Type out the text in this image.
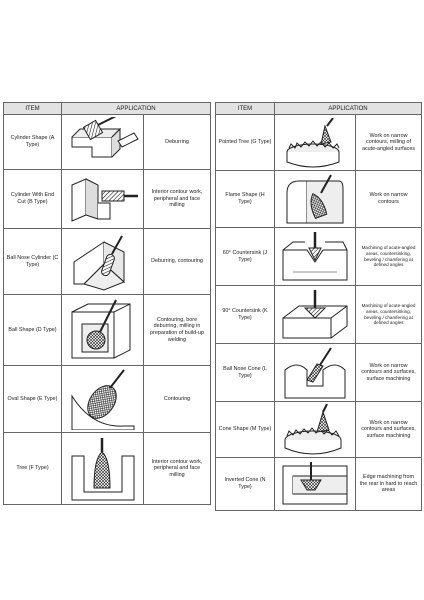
ITEM	APPLICATION	
Cylinder Shape (A Type)		Deburring
Cylinder With End Cut (B Type)		Interior contour work, peripheral and face milling
Ball Nose Cylinder (C Type)		Deburring, contouring
Ball Shape (D Type)		Contouring, bore deburring, milling in preparation of build-up welding
Oval Shape (E Type)		Contouring
Tree (F Type)		Interior contour work, peripheral and face milling
ITEM	APPLICATION	
Pointed Tree (G Type)		Work on narrow contours, milling of acute-angled surfaces
Flame Shape (H Type)		Work on narrow contours
60° Countersink (J Type)		Machining of acute-angled areas, countersinking, beveling / chamfering at defined angles
90° Countersink (K Type)		Machining of acute-angled areas, countersinking, beveling / chamfering at defined angles
Ball Nose Cone (L Type)		Work on narrow contours and surfaces, surface machining
Cone Shape (M Type)		Work on narrow contours and surfaces, surface machining
Inverted Cone (N Type)		Edge machining from the rear in hard to reach areas
